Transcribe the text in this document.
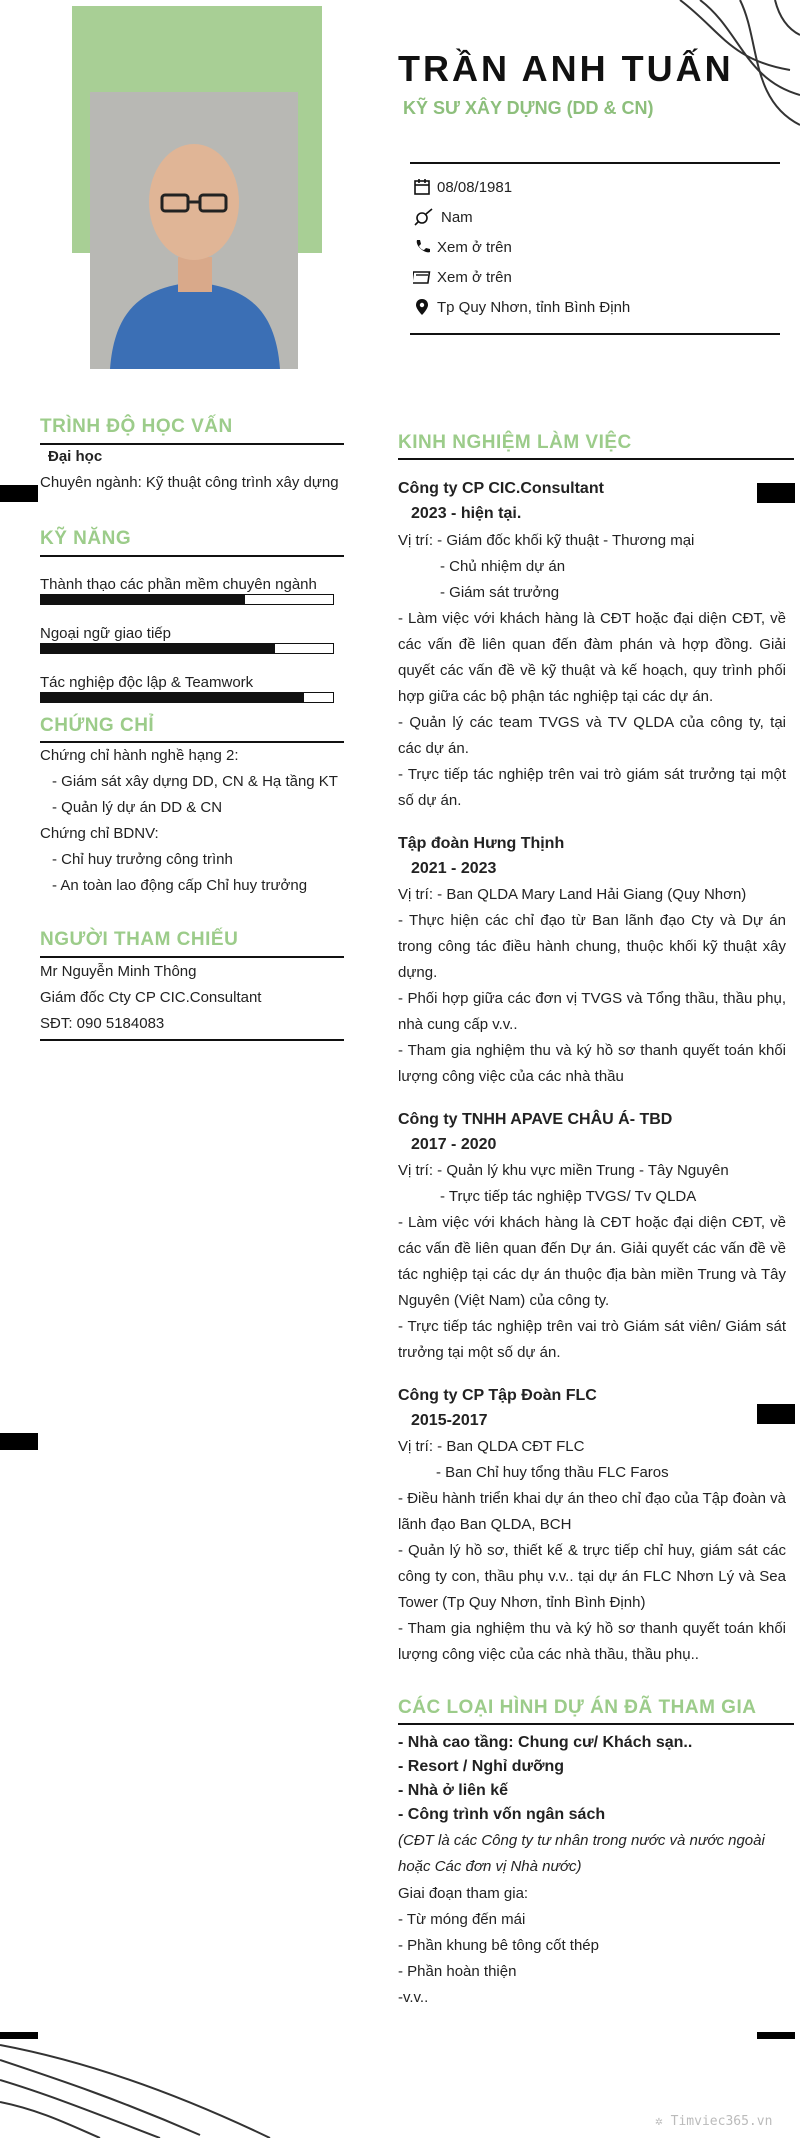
TRẦN ANH TUẤN
KỸ SƯ XÂY DỰNG (DD & CN)
08/08/1981
Nam
Xem ở trên
Xem ở trên
Tp Quy Nhơn, tỉnh Bình Định
TRÌNH ĐỘ HỌC VẤN
Đại học
Chuyên ngành: Kỹ thuật công trình xây dựng
KỸ NĂNG
Thành thạo các phần mềm chuyên ngành
Ngoại ngữ giao tiếp
Tác nghiệp độc lập & Teamwork
CHỨNG CHỈ
Chứng chỉ hành nghề hạng 2:
- Giám sát xây dựng DD, CN & Hạ tầng KT
- Quản lý dự án DD & CN
Chứng chỉ BDNV:
- Chỉ huy trưởng công trình
- An toàn lao động cấp Chỉ huy trưởng
NGƯỜI THAM CHIẾU
Mr Nguyễn Minh Thông
Giám đốc Cty CP CIC.Consultant
SĐT: 090 5184083
KINH NGHIỆM LÀM VIỆC
Công ty CP CIC.Consultant
2023 - hiện tại.
Vị trí: - Giám đốc khối kỹ thuật - Thương mại
- Chủ nhiệm dự án
- Giám sát trưởng
- Làm việc với khách hàng là CĐT hoặc đại diện CĐT, về các vấn đề liên quan đến đàm phán và hợp đồng. Giải quyết các vấn đề về kỹ thuật và kế hoạch, quy trình phối hợp giữa các bộ phận tác nghiệp tại các dự án.
- Quản lý các team TVGS và TV QLDA của công ty, tại các dự án.
- Trực tiếp tác nghiệp trên vai trò giám sát trưởng tại một số dự án.
Tập đoàn Hưng Thịnh
2021 - 2023
Vị trí: - Ban QLDA Mary Land Hải Giang (Quy Nhơn)
- Thực hiện các chỉ đạo từ Ban lãnh đạo Cty và Dự án trong công tác điều hành chung, thuộc khối kỹ thuật xây dựng.
- Phối hợp giữa các đơn vị TVGS và Tổng thầu, thầu phụ, nhà cung cấp v.v..
- Tham gia nghiệm thu và ký hồ sơ thanh quyết toán khối lượng công việc của các nhà thầu
Công ty TNHH APAVE CHÂU Á- TBD
2017 - 2020
Vị trí: - Quản lý khu vực miền Trung - Tây Nguyên
- Trực tiếp tác nghiệp TVGS/ Tv QLDA
- Làm việc với khách hàng là CĐT hoặc đại diện CĐT, về các vấn đề liên quan đến Dự án. Giải quyết các vấn đề về tác nghiệp tại các dự án thuộc địa bàn miền Trung và Tây Nguyên (Việt Nam) của công ty.
- Trực tiếp tác nghiệp trên vai trò Giám sát viên/ Giám sát trưởng tại một số dự án.
Công ty CP Tập Đoàn FLC
2015-2017
Vị trí: - Ban QLDA CĐT FLC
- Ban Chỉ huy tổng thầu FLC Faros
- Điều hành triển khai dự án theo chỉ đạo của Tập đoàn và lãnh đạo Ban QLDA, BCH
- Quản lý hồ sơ, thiết kế & trực tiếp chỉ huy, giám sát các công ty con, thầu phụ v.v.. tại dự án FLC Nhơn Lý và Sea Tower (Tp Quy Nhơn, tỉnh Bình Định)
- Tham gia nghiệm thu và ký hồ sơ thanh quyết toán khối lượng công việc của các nhà thầu, thầu phụ..
CÁC LOẠI HÌNH DỰ ÁN ĐÃ THAM GIA
- Nhà cao tầng: Chung cư/ Khách sạn..
- Resort / Nghỉ dưỡng
- Nhà ở liên kế
- Công trình vốn ngân sách
(CĐT là các Công ty tư nhân trong nước và nước ngoài hoặc Các đơn vị Nhà nước)
Giai đoạn tham gia:
- Từ móng đến mái
- Phần khung bê tông cốt thép
- Phần hoàn thiện
-v.v..
✲ Timviec365.vn
